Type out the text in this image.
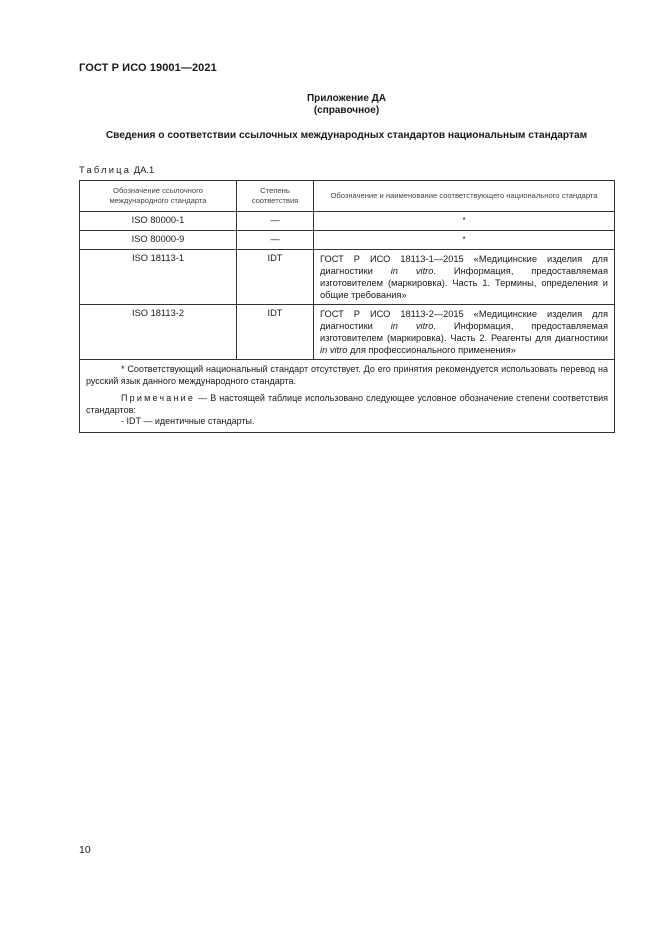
ГОСТ Р ИСО 19001—2021
Приложение ДА
(справочное)
Сведения о соответствии ссылочных международных стандартов национальным стандартам
Таблица ДА.1
Обозначение ссылочного международного стандарта	Степень соответствия	Обозначение и наименование соответствующего национального стандарта
ISO 80000-1	—	*
ISO 80000-9	—	*
ISO 18113-1	IDT	ГОСТ Р ИСО 18113-1—2015 «Медицинские изделия для диагностики in vitro. Информация, предоставляемая изготовителем (маркировка). Часть 1. Термины, определения и общие требования»
ISO 18113-2	IDT	ГОСТ Р ИСО 18113-2—2015 «Медицинские изделия для диагностики in vitro. Информация, предоставляемая изготовителем (маркировка). Часть 2. Реагенты для диагностики in vitro для профессионального применения»

* Соответствующий национальный стандарт отсутствует. До его принятия рекомендуется использовать перевод на русский язык данного международного стандарта.

Примечание — В настоящей таблице использовано следующее условное обозначение степени соответствия стандартов:

- IDT — идентичные стандарты.		

10
